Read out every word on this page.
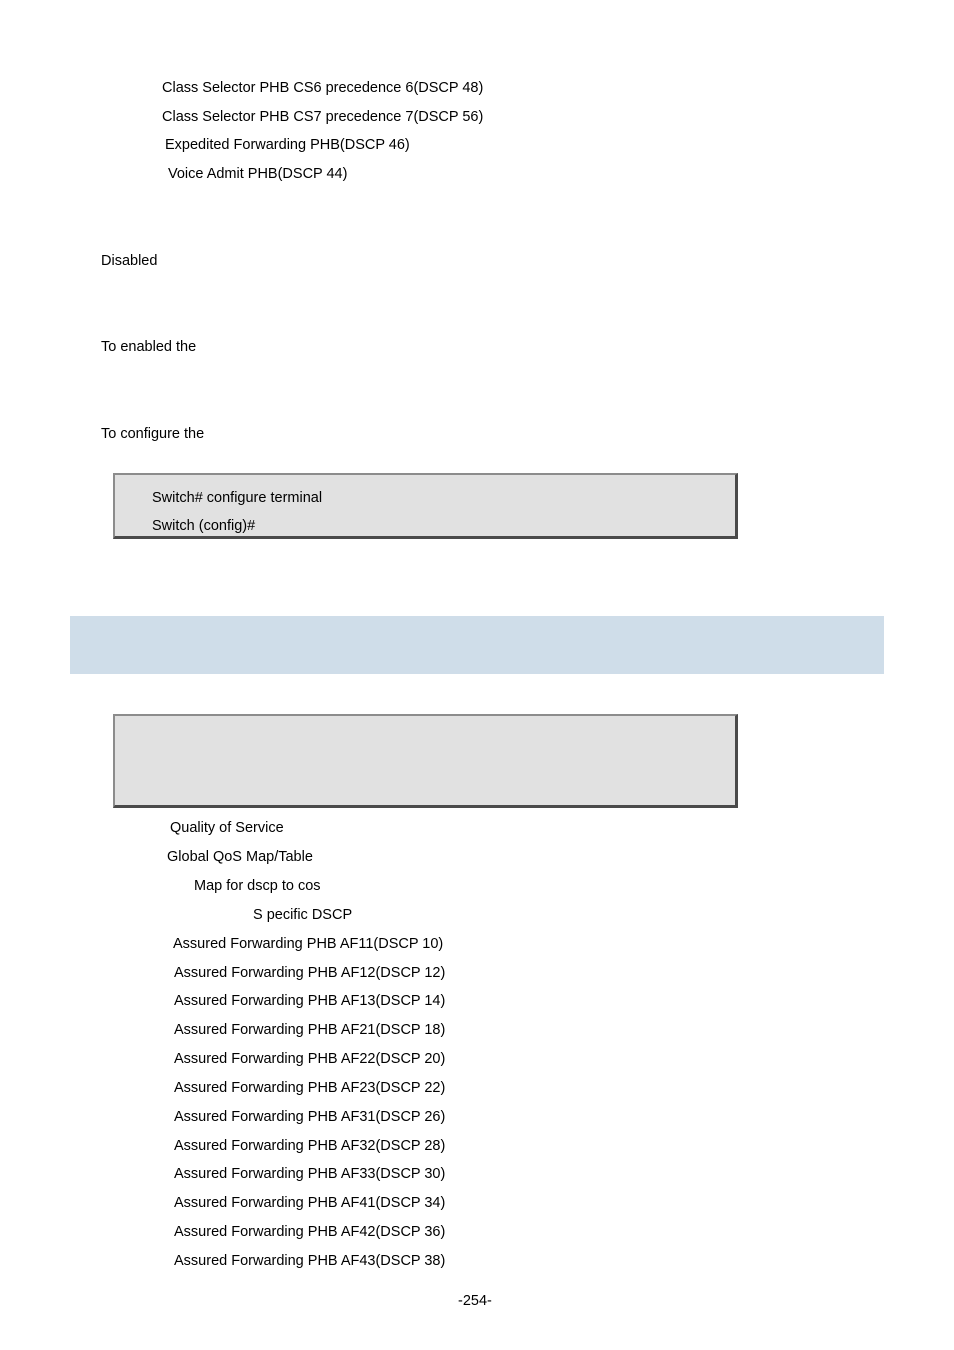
Class Selector PHB CS6 precedence 6(DSCP 48)
Class Selector PHB CS7 precedence 7(DSCP 56)
Expedited Forwarding PHB(DSCP 46)
Voice Admit PHB(DSCP 44)
Disabled
To enabled the
To configure the
Switch# configure terminal
Switch (config)#
Quality of Service
Global QoS Map/Table
Map for dscp to cos
S pecific DSCP
Assured Forwarding PHB AF11(DSCP 10)
Assured Forwarding PHB AF12(DSCP 12)
Assured Forwarding PHB AF13(DSCP 14)
Assured Forwarding PHB AF21(DSCP 18)
Assured Forwarding PHB AF22(DSCP 20)
Assured Forwarding PHB AF23(DSCP 22)
Assured Forwarding PHB AF31(DSCP 26)
Assured Forwarding PHB AF32(DSCP 28)
Assured Forwarding PHB AF33(DSCP 30)
Assured Forwarding PHB AF41(DSCP 34)
Assured Forwarding PHB AF42(DSCP 36)
Assured Forwarding PHB AF43(DSCP 38)
-254-
